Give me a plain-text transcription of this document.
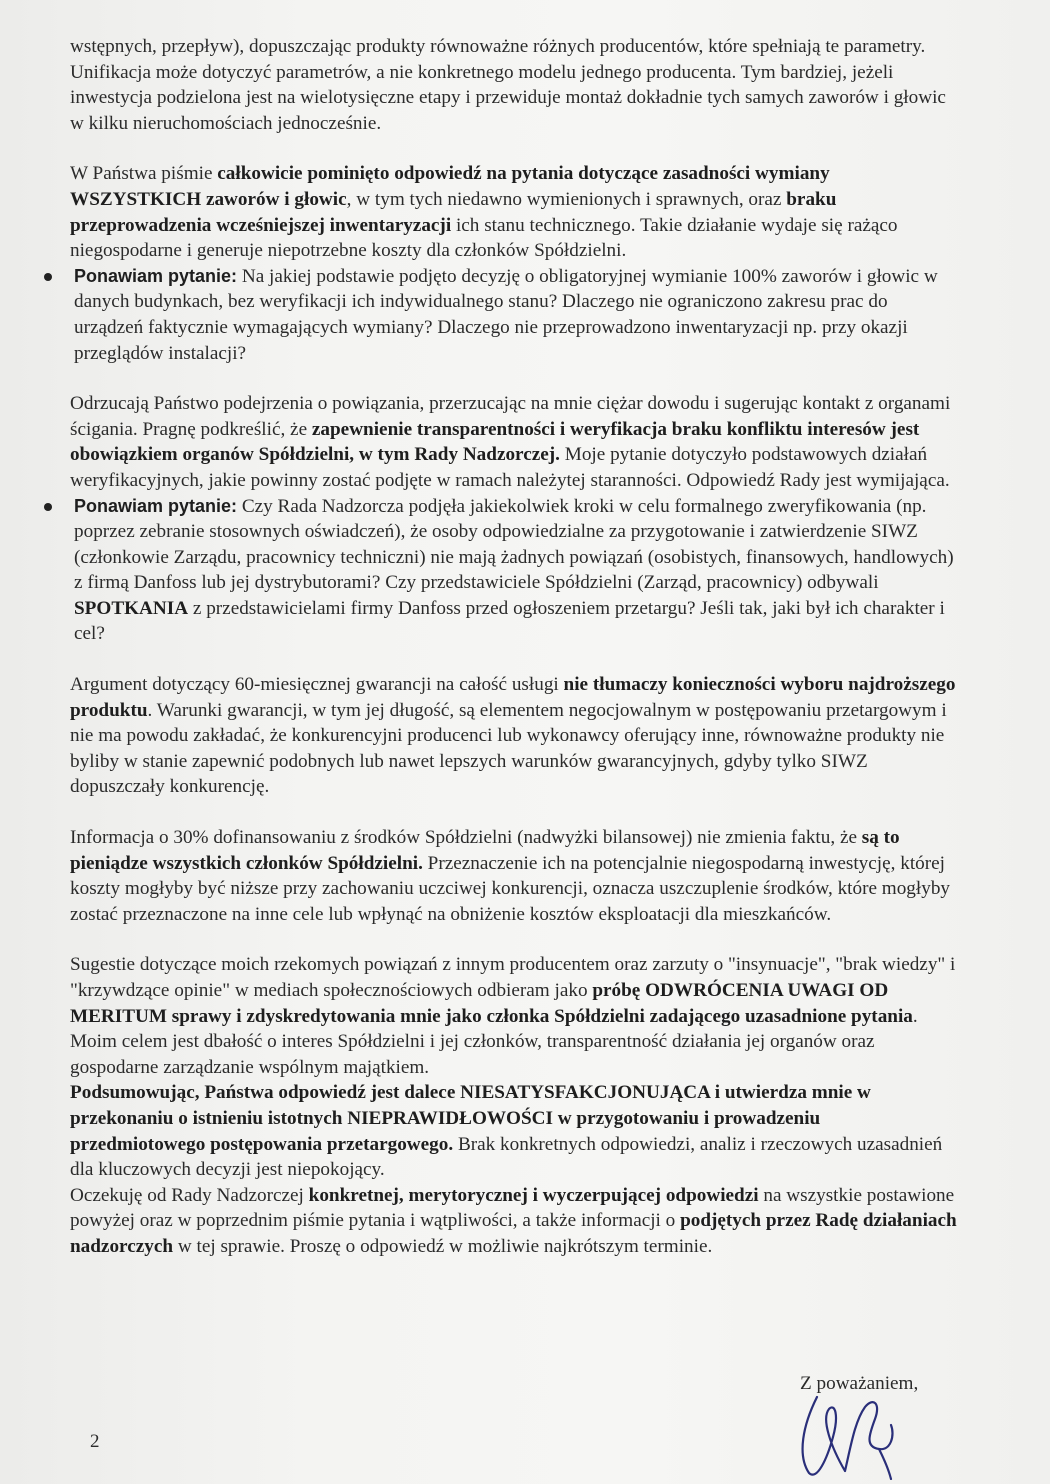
wstępnych, przepływ), dopuszczając produkty równoważne różnych producentów, które spełniają te parametry. Unifikacja może dotyczyć parametrów, a nie konkretnego modelu jednego producenta. Tym bardziej, jeżeli inwestycja podzielona jest na wielotysięczne etapy i przewiduje montaż dokładnie tych samych zaworów i głowic w kilku nieruchomościach jednocześnie.

W Państwa piśmie całkowicie pominięto odpowiedź na pytania dotyczące zasadności wymiany WSZYSTKICH zaworów i głowic, w tym tych niedawno wymienionych i sprawnych, oraz braku przeprowadzenia wcześniejszej inwentaryzacji ich stanu technicznego. Takie działanie wydaje się rażąco niegospodarne i generuje niepotrzebne koszty dla członków Spółdzielni.

Ponawiam pytanie: Na jakiej podstawie podjęto decyzję o obligatoryjnej wymianie 100% zaworów i głowic w danych budynkach, bez weryfikacji ich indywidualnego stanu? Dlaczego nie ograniczono zakresu prac do urządzeń faktycznie wymagających wymiany? Dlaczego nie przeprowadzono inwentaryzacji np. przy okazji przeglądów instalacji?

Odrzucają Państwo podejrzenia o powiązania, przerzucając na mnie ciężar dowodu i sugerując kontakt z organami ścigania. Pragnę podkreślić, że zapewnienie transparentności i weryfikacja braku konfliktu interesów jest obowiązkiem organów Spółdzielni, w tym Rady Nadzorczej. Moje pytanie dotyczyło podstawowych działań weryfikacyjnych, jakie powinny zostać podjęte w ramach należytej staranności. Odpowiedź Rady jest wymijająca.

Ponawiam pytanie: Czy Rada Nadzorcza podjęła jakiekolwiek kroki w celu formalnego zweryfikowania (np. poprzez zebranie stosownych oświadczeń), że osoby odpowiedzialne za przygotowanie i zatwierdzenie SIWZ (członkowie Zarządu, pracownicy techniczni) nie mają żadnych powiązań (osobistych, finansowych, handlowych) z firmą Danfoss lub jej dystrybutorami? Czy przedstawiciele Spółdzielni (Zarząd, pracownicy) odbywali SPOTKANIA z przedstawicielami firmy Danfoss przed ogłoszeniem przetargu? Jeśli tak, jaki był ich charakter i cel?

Argument dotyczący 60-miesięcznej gwarancji na całość usługi nie tłumaczy konieczności wyboru najdroższego produktu. Warunki gwarancji, w tym jej długość, są elementem negocjowalnym w postępowaniu przetargowym i nie ma powodu zakładać, że konkurencyjni producenci lub wykonawcy oferujący inne, równoważne produkty nie byliby w stanie zapewnić podobnych lub nawet lepszych warunków gwarancyjnych, gdyby tylko SIWZ dopuszczały konkurencję.

Informacja o 30% dofinansowaniu z środków Spółdzielni (nadwyżki bilansowej) nie zmienia faktu, że są to pieniądze wszystkich członków Spółdzielni. Przeznaczenie ich na potencjalnie niegospodarną inwestycję, której koszty mogłyby być niższe przy zachowaniu uczciwej konkurencji, oznacza uszczuplenie środków, które mogłyby zostać przeznaczone na inne cele lub wpłynąć na obniżenie kosztów eksploatacji dla mieszkańców.

Sugestie dotyczące moich rzekomych powiązań z innym producentem oraz zarzuty o "insynuacje", "brak wiedzy" i "krzywdzące opinie" w mediach społecznościowych odbieram jako próbę ODWRÓCENIA UWAGI OD MERITUM sprawy i zdyskredytowania mnie jako członka Spółdzielni zadającego uzasadnione pytania. Moim celem jest dbałość o interes Spółdzielni i jej członków, transparentność działania jej organów oraz gospodarne zarządzanie wspólnym majątkiem.

Podsumowując, Państwa odpowiedź jest dalece NIESATYSFAKCJONUJĄCA i utwierdza mnie w przekonaniu o istnieniu istotnych NIEPRAWIDŁOWOŚCI w przygotowaniu i prowadzeniu przedmiotowego postępowania przetargowego. Brak konkretnych odpowiedzi, analiz i rzeczowych uzasadnień dla kluczowych decyzji jest niepokojący.

Oczekuję od Rady Nadzorczej konkretnej, merytorycznej i wyczerpującej odpowiedzi na wszystkie postawione powyżej oraz w poprzednim piśmie pytania i wątpliwości, a także informacji o podjętych przez Radę działaniach nadzorczych w tej sprawie. Proszę o odpowiedź w możliwie najkrótszym terminie.

Z poważaniem,
2
